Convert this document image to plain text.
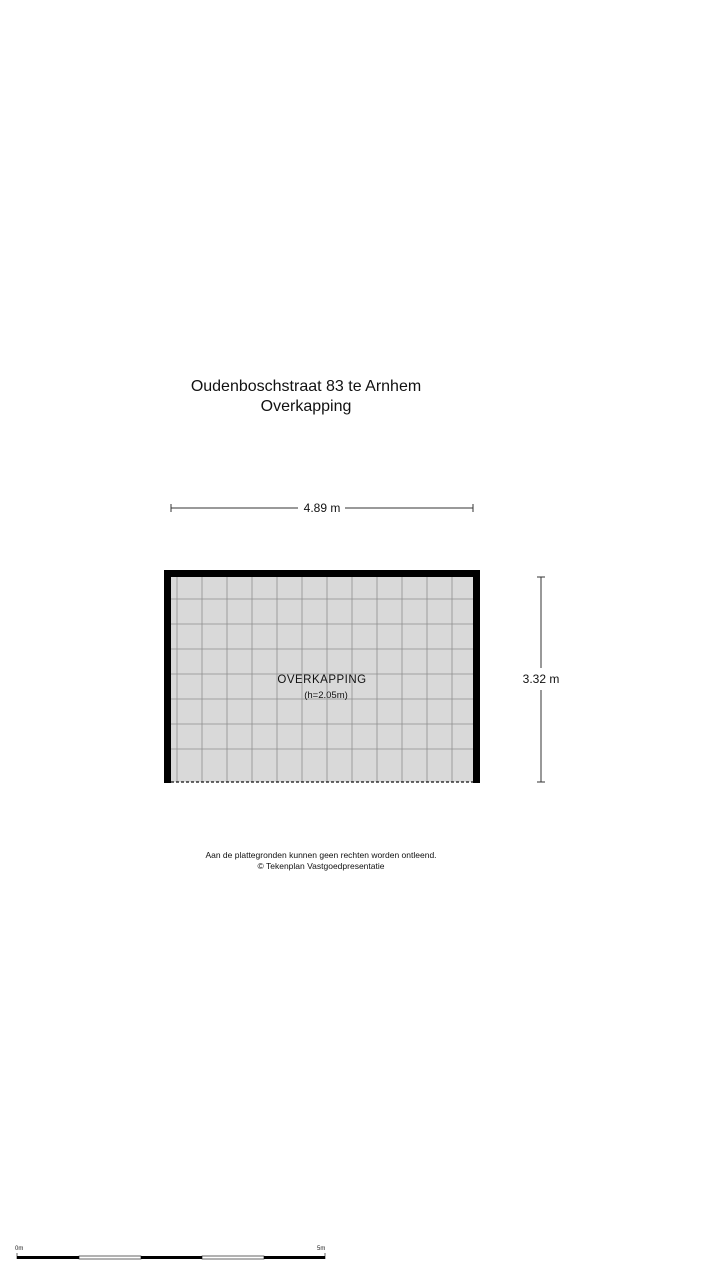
Oudenboschstraat 83 te Arnhem
Overkapping
4.89 m
3.32 m
OVERKAPPING
(h=2.05m)
Aan de plattegronden kunnen geen rechten worden ontleend.
© Tekenplan Vastgoedpresentatie
0m	5m
